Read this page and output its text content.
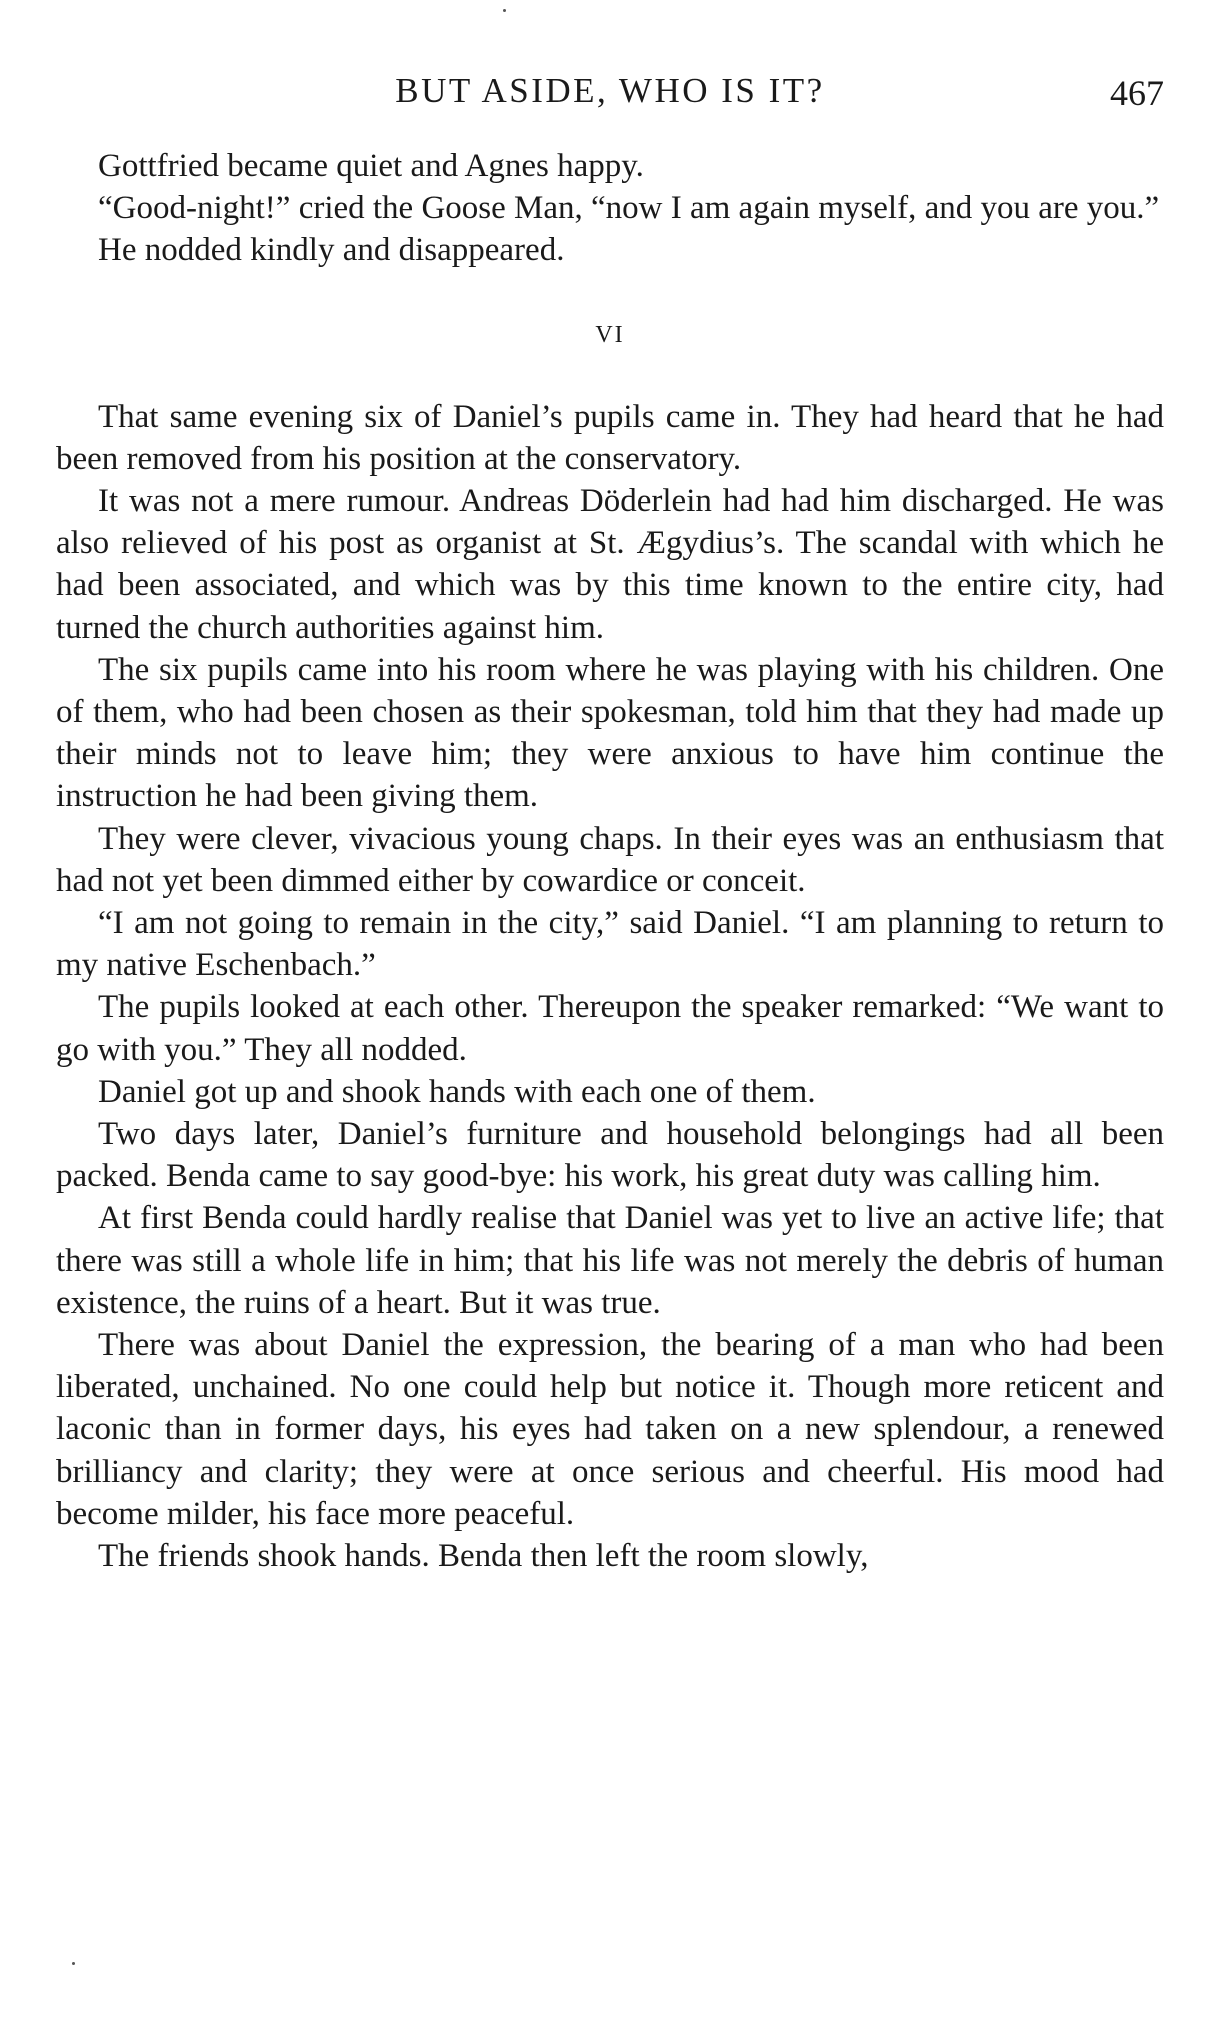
BUT ASIDE, WHO IS IT?	467

Gottfried became quiet and Agnes happy.

“Good-night!” cried the Goose Man, “now I am again myself, and you are you.”

He nodded kindly and disappeared.

VI

That same evening six of Daniel’s pupils came in. They had heard that he had been removed from his position at the conservatory.

It was not a mere rumour. Andreas Döderlein had had him discharged. He was also relieved of his post as organist at St. Ægydius’s. The scandal with which he had been associated, and which was by this time known to the entire city, had turned the church authorities against him.

The six pupils came into his room where he was playing with his children. One of them, who had been chosen as their spokesman, told him that they had made up their minds not to leave him; they were anxious to have him continue the instruction he had been giving them.

They were clever, vivacious young chaps. In their eyes was an enthusiasm that had not yet been dimmed either by cowardice or conceit.

“I am not going to remain in the city,” said Daniel. “I am planning to return to my native Eschenbach.”

The pupils looked at each other. Thereupon the speaker remarked: “We want to go with you.” They all nodded.

Daniel got up and shook hands with each one of them.

Two days later, Daniel’s furniture and household belongings had all been packed. Benda came to say good-bye: his work, his great duty was calling him.

At first Benda could hardly realise that Daniel was yet to live an active life; that there was still a whole life in him; that his life was not merely the debris of human existence, the ruins of a heart. But it was true.

There was about Daniel the expression, the bearing of a man who had been liberated, unchained. No one could help but notice it. Though more reticent and laconic than in former days, his eyes had taken on a new splendour, a renewed brilliancy and clarity; they were at once serious and cheerful. His mood had become milder, his face more peaceful.

The friends shook hands. Benda then left the room slowly,
